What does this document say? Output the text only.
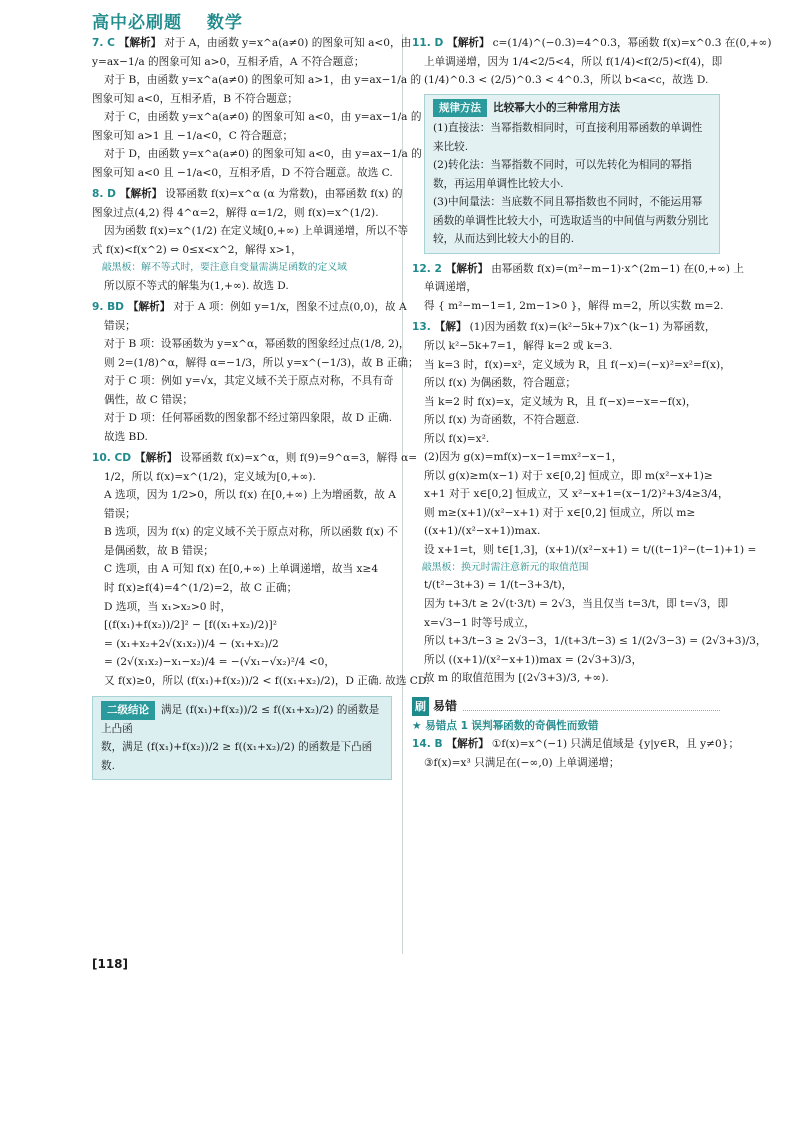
高中必刷题 数学
7. C 【解析】 对于 A，由函数 y=x^a(a≠0) 的图象可知 a<0，由
y=ax−1/a 的图象可知 a>0，互相矛盾，A 不符合题意；
对于 B，由函数 y=x^a(a≠0) 的图象可知 a>1，由 y=ax−1/a 的
图象可知 a<0，互相矛盾，B 不符合题意；
对于 C，由函数 y=x^a(a≠0) 的图象可知 a<0，由 y=ax−1/a 的
图象可知 a>1 且 −1/a<0，C 符合题意；
对于 D，由函数 y=x^a(a≠0) 的图象可知 a<0，由 y=ax−1/a 的
图象可知 a<0 且 −1/a<0，互相矛盾，D 不符合题意。故选 C.
8. D 【解析】 设幂函数 f(x)=x^α (α 为常数)，由幂函数 f(x) 的
图象过点(4,2) 得 4^α=2，解得 α=1/2，则 f(x)=x^(1/2).
因为函数 f(x)=x^(1/2) 在定义域[0,+∞) 上单调递增，所以不等
式 f(x)<f(x^2) ⇔ 0≤x<x^2，解得 x>1，
敲黑板：解不等式时，要注意自变量需满足函数的定义域
所以原不等式的解集为(1,+∞). 故选 D.
9. BD 【解析】 对于 A 项：例如 y=1/x，图象不过点(0,0)，故 A
错误；
对于 B 项：设幂函数为 y=x^α，幂函数的图象经过点(1/8, 2)，
则 2=(1/8)^α，解得 α=−1/3，所以 y=x^(−1/3)，故 B 正确；
对于 C 项：例如 y=√x，其定义域不关于原点对称，不具有奇
偶性，故 C 错误；
对于 D 项：任何幂函数的图象都不经过第四象限，故 D 正确.
故选 BD.
10. CD 【解析】 设幂函数 f(x)=x^α，则 f(9)=9^α=3，解得 α=
1/2，所以 f(x)=x^(1/2)，定义域为[0,+∞).
A 选项，因为 1/2>0，所以 f(x) 在[0,+∞) 上为增函数，故 A
错误；
B 选项，因为 f(x) 的定义域不关于原点对称，所以函数 f(x) 不
是偶函数，故 B 错误；
C 选项，由 A 可知 f(x) 在[0,+∞) 上单调递增，故当 x≥4
时 f(x)≥f(4)=4^(1/2)=2，故 C 正确；
D 选项，当 x₁>x₂>0 时，
[(f(x₁)+f(x₂))/2]² − [f((x₁+x₂)/2)]²
= (x₁+x₂+2√(x₁x₂))/4 − (x₁+x₂)/2
= (2√(x₁x₂)−x₁−x₂)/4 = −(√x₁−√x₂)²/4 <0，
又 f(x)≥0，所以 (f(x₁)+f(x₂))/2 < f((x₁+x₂)/2)，D 正确. 故选 CD.
二级结论 满足 (f(x₁)+f(x₂))/2 ≤ f((x₁+x₂)/2) 的函数是上凸函
数，满足 (f(x₁)+f(x₂))/2 ≥ f((x₁+x₂)/2) 的函数是下凸函数.
11. D 【解析】 c=(1/4)^(−0.3)=4^0.3，幂函数 f(x)=x^0.3 在(0,+∞)
上单调递增，因为 1/4<2/5<4，所以 f(1/4)<f(2/5)<f(4)，即
(1/4)^0.3 < (2/5)^0.3 < 4^0.3，所以 b<a<c，故选 D.
规律方法 比较幂大小的三种常用方法
(1)直接法：当幂指数相同时，可直接利用幂函数的单调性来比较.
(2)转化法：当幂指数不同时，可以先转化为相同的幂指数，再运用单调性比较大小.
(3)中间量法：当底数不同且幂指数也不同时，不能运用幂函数的单调性比较大小，可选取适当的中间值与两数分别比较，从而达到比较大小的目的.
12. 2 【解析】 由幂函数 f(x)=(m²−m−1)·x^(2m−1) 在(0,+∞) 上
单调递增，
得 { m²−m−1=1, 2m−1>0 }，解得 m=2，所以实数 m=2.
13. 【解】 (1)因为函数 f(x)=(k²−5k+7)x^(k−1) 为幂函数，
所以 k²−5k+7=1，解得 k=2 或 k=3.
当 k=3 时，f(x)=x²，定义域为 R，且 f(−x)=(−x)²=x²=f(x)，
所以 f(x) 为偶函数，符合题意；
当 k=2 时 f(x)=x，定义域为 R，且 f(−x)=−x=−f(x)，
所以 f(x) 为奇函数，不符合题意.
所以 f(x)=x².
(2)因为 g(x)=mf(x)−x−1=mx²−x−1，
所以 g(x)≥m(x−1) 对于 x∈[0,2] 恒成立，即 m(x²−x+1)≥
x+1 对于 x∈[0,2] 恒成立，又 x²−x+1=(x−1/2)²+3/4≥3/4，
则 m≥(x+1)/(x²−x+1) 对于 x∈[0,2] 恒成立，所以 m≥
((x+1)/(x²−x+1))max.
设 x+1=t，则 t∈[1,3]，(x+1)/(x²−x+1) = t/((t−1)²−(t−1)+1) =
敲黑板：换元时需注意新元的取值范围
t/(t²−3t+3) = 1/(t−3+3/t)，
因为 t+3/t ≥ 2√(t·3/t) = 2√3，当且仅当 t=3/t，即 t=√3，即
x=√3−1 时等号成立，
所以 t+3/t−3 ≥ 2√3−3，1/(t+3/t−3) ≤ 1/(2√3−3) = (2√3+3)/3，
所以 ((x+1)/(x²−x+1))max = (2√3+3)/3，
故 m 的取值范围为 [(2√3+3)/3, +∞).
刷 易错
★ 易错点 1 误判幂函数的奇偶性而致错
14. B 【解析】 ①f(x)=x^(−1) 只满足值域是 {y|y∈R，且 y≠0}；
③f(x)=x³ 只满足在(−∞,0) 上单调递增；
[118]
